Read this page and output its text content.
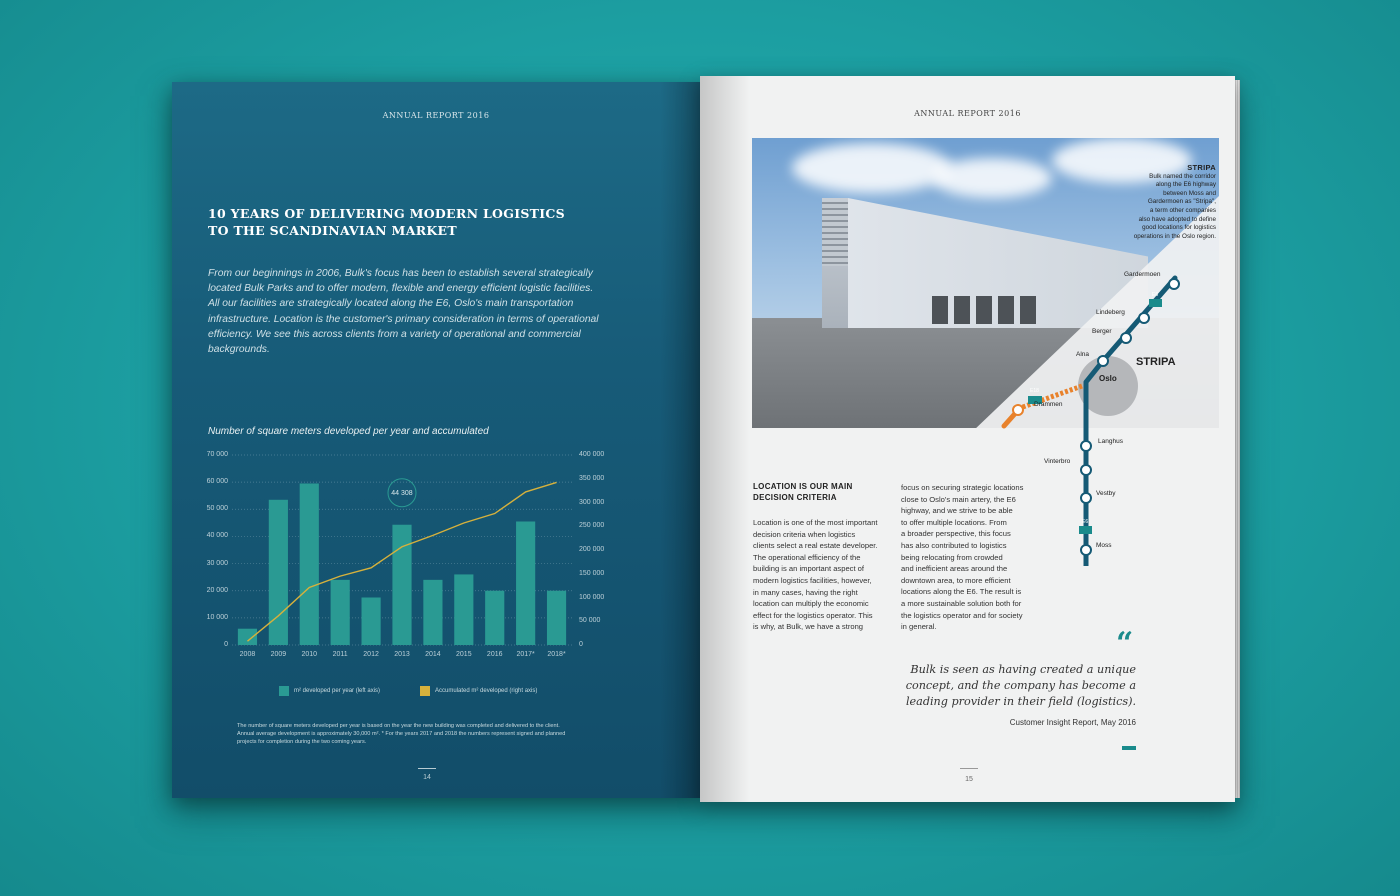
ANNUAL REPORT 2016
10 YEARS OF DELIVERING MODERN LOGISTICS
TO THE SCANDINAVIAN MARKET
From our beginnings in 2006, Bulk's focus has been to establish several strategically located Bulk Parks and to offer modern, flexible and energy efficient logistic facilities. All our facilities are strategically located along the E6, Oslo's main transportation infrastructure. Location is the customer's primary consideration in terms of operational efficiency. We see this across clients from a variety of operational and commercial backgrounds.
Number of square meters developed per year and accumulated
70 000
60 000
50 000
40 000
30 000
20 000
10 000
0
400 000
350 000
300 000
250 000
200 000
150 000
100 000
50 000
0
2008	2009	2010	2011	2012	2013	2014	2015	2016	2017*	2018*
44 308
m² developed per year (left axis)	Accumulated m² developed (right axis)
The number of square meters developed per year is based on the year the new building was completed and delivered to the client. Annual average development is approximately 30,000 m². * For the years 2017 and 2018 the numbers represent signed and planned projects for completion during the two coming years.
14
ANNUAL REPORT 2016
STRIPA
Bulk named the corridor
along the E6 highway
between Moss and
Gardermoen as "Stripa",
a term other companies
also have adopted to define
good locations for logistics
operations in the Oslo region.
E6
E6
E18
Gardermoen
Lindeberg
Berger
Alna
Oslo
STRIPA
Drammen
Langhus
Vinterbro
Vestby
Moss
LOCATION IS OUR MAIN
DECISION CRITERIA
Location is one of the most important
decision criteria when logistics
clients select a real estate developer.
The operational efficiency of the
building is an important aspect of
modern logistics facilities, however,
in many cases, having the right
location can multiply the economic
effect for the logistics operator. This
is why, at Bulk, we have a strong
focus on securing strategic locations
close to Oslo's main artery, the E6
highway, and we strive to be able
to offer multiple locations. From
a broader perspective, this focus
has also contributed to logistics
being relocating from crowded
and inefficient areas around the
downtown area, to more efficient
locations along the E6. The result is
a more sustainable solution both for
the logistics operator and for society
in general.	“
Bulk is seen as having created a unique
concept, and the company has become a
leading provider in their field (logistics).
Customer Insight Report, May 2016
15
